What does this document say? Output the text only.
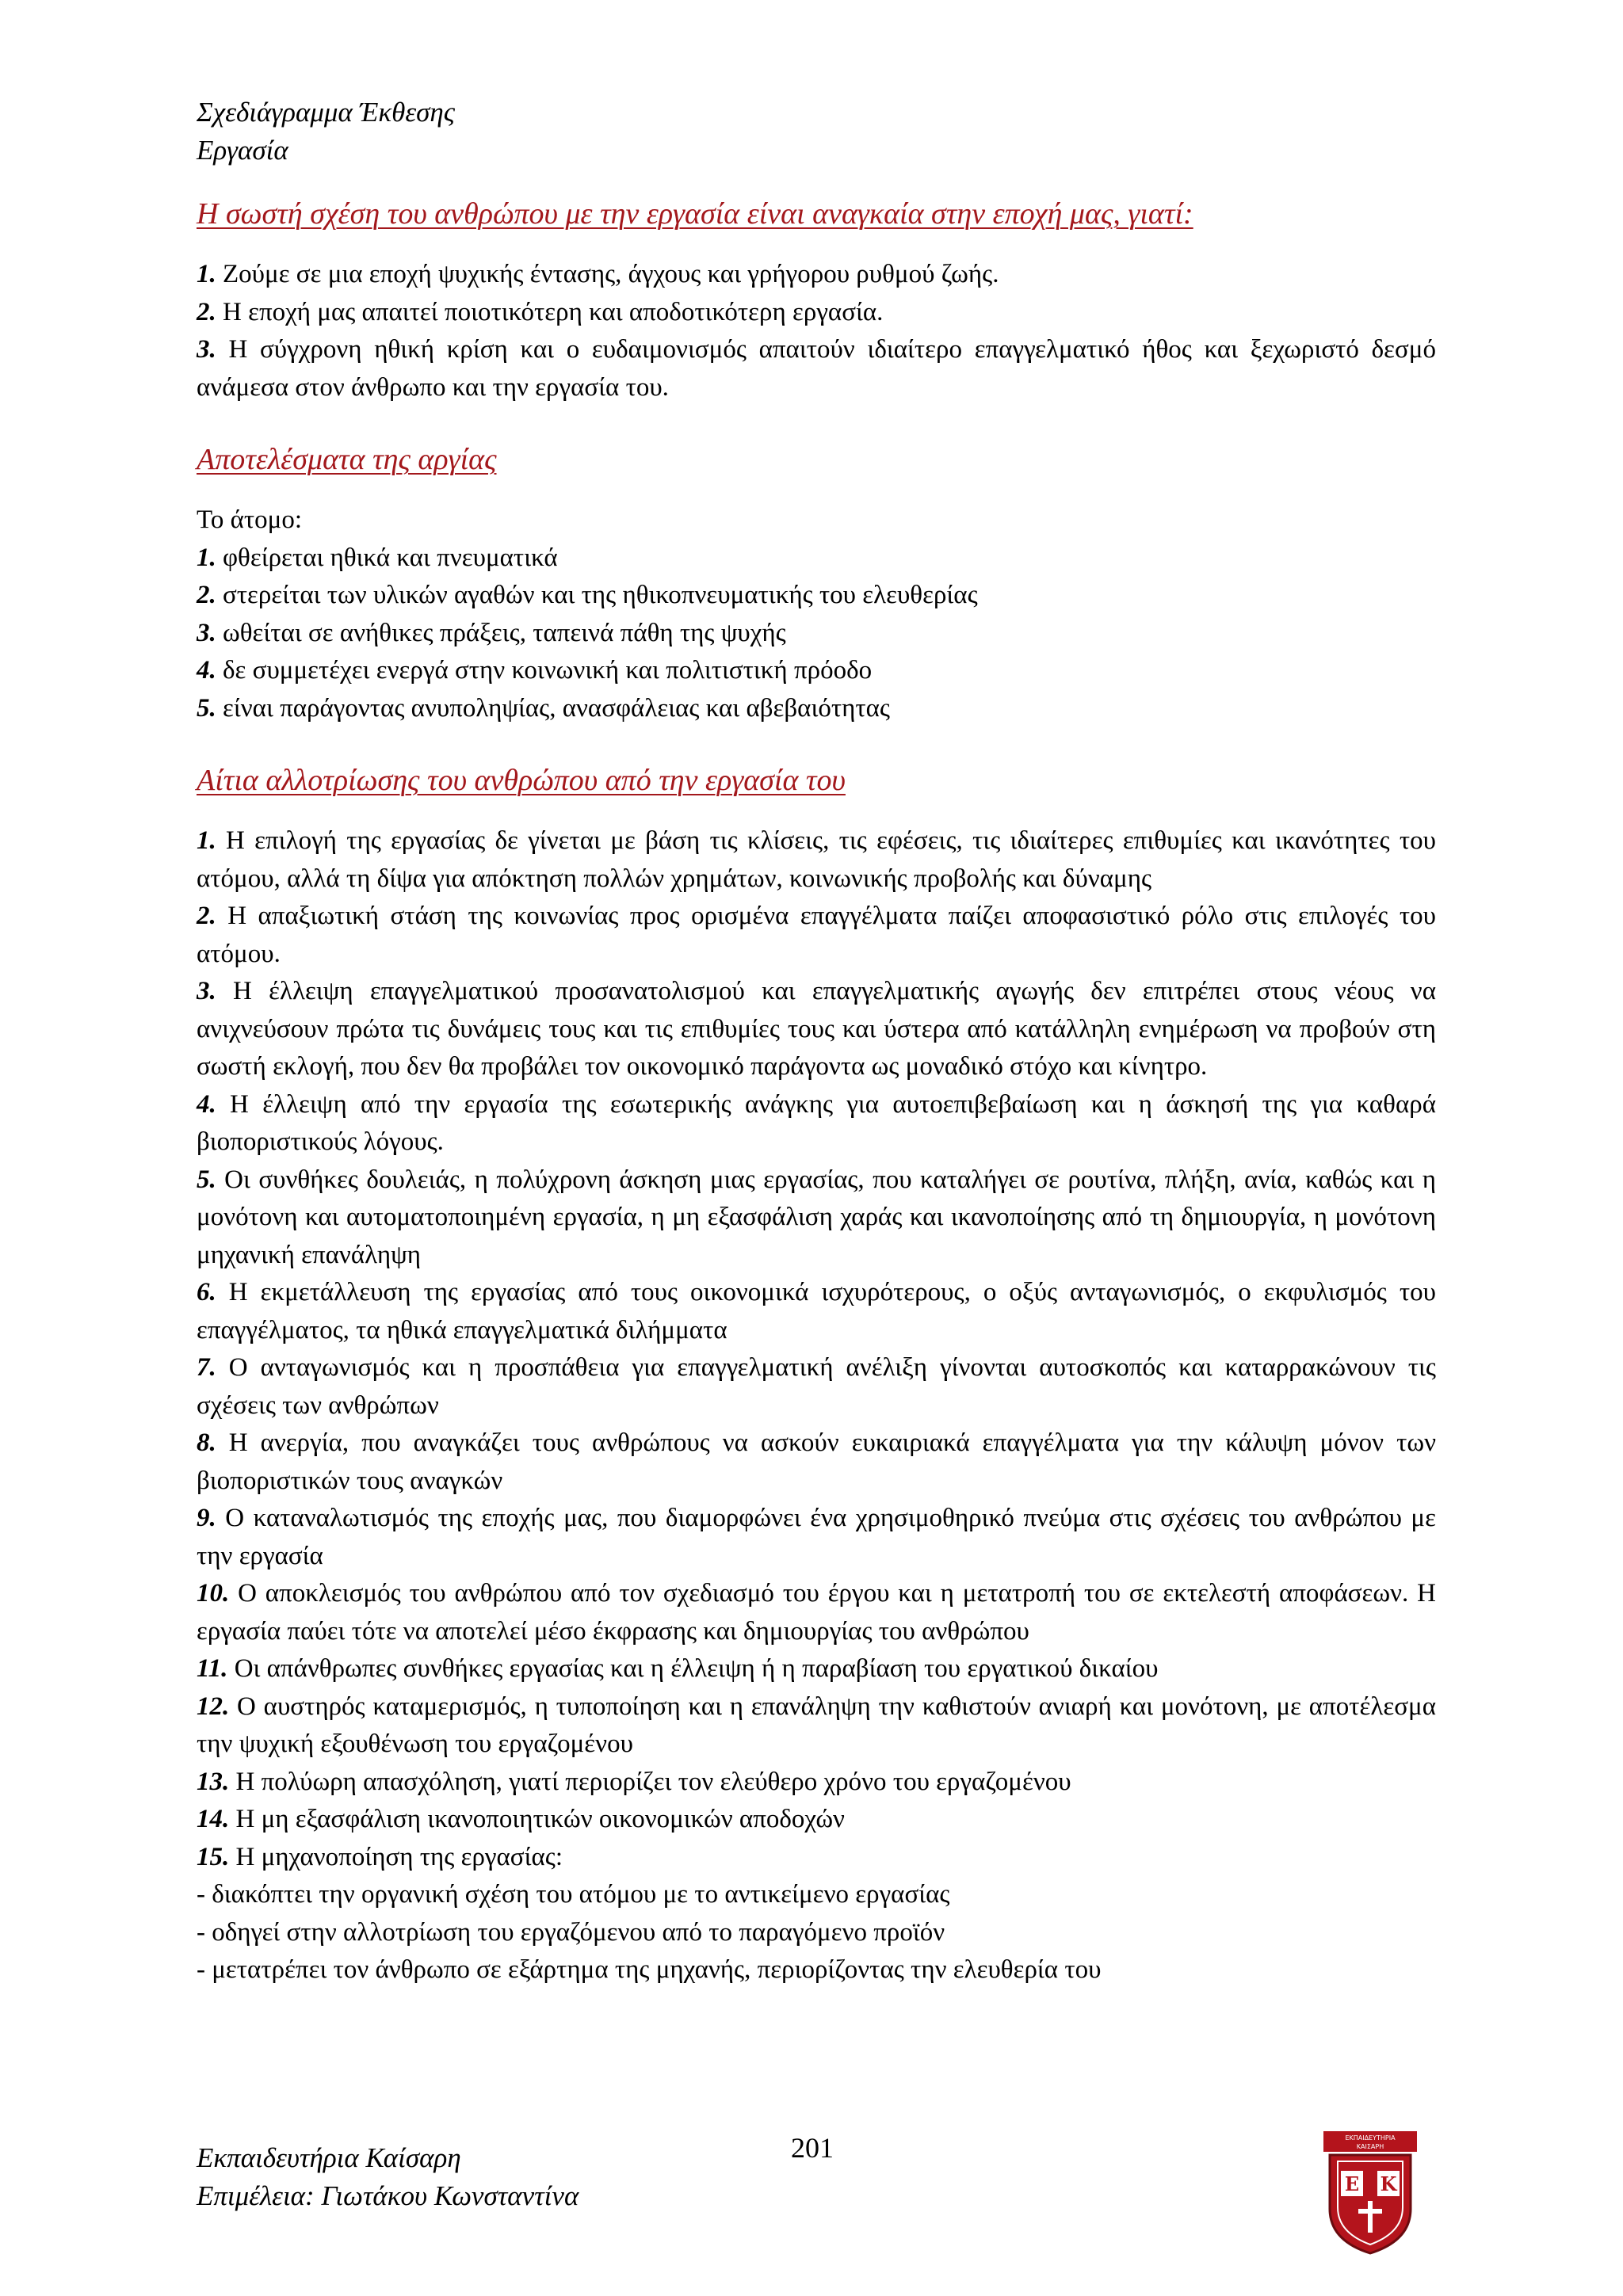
Σχεδιάγραμμα Έκθεσης
Εργασία
Η σωστή σχέση του ανθρώπου με την εργασία είναι αναγκαία στην εποχή μας, γιατί:

1. Ζούμε σε μια εποχή ψυχικής έντασης, άγχους και γρήγορου ρυθμού ζωής.

2. Η εποχή μας απαιτεί ποιοτικότερη και αποδοτικότερη εργασία.

3. Η σύγχρονη ηθική κρίση και ο ευδαιμονισμός απαιτούν ιδιαίτερο επαγγελματικό ήθος και ξεχωριστό δεσμό ανάμεσα στον άνθρωπο και την εργασία του.

Αποτελέσματα της αργίας

Το άτομο:

1. φθείρεται ηθικά και πνευματικά

2. στερείται των υλικών αγαθών και της ηθικοπνευματικής του ελευθερίας

3. ωθείται σε ανήθικες πράξεις, ταπεινά πάθη της ψυχής

4. δε συμμετέχει ενεργά στην κοινωνική και πολιτιστική πρόοδο

5. είναι παράγοντας ανυποληψίας, ανασφάλειας και αβεβαιότητας

Αίτια αλλοτρίωσης του ανθρώπου από την εργασία του

1. Η επιλογή της εργασίας δε γίνεται με βάση τις κλίσεις, τις εφέσεις, τις ιδιαίτερες επιθυμίες και ικανότητες του ατόμου, αλλά τη δίψα για απόκτηση πολλών χρημάτων, κοινωνικής προβολής και δύναμης

2. Η απαξιωτική στάση της κοινωνίας προς ορισμένα επαγγέλματα παίζει αποφασιστικό ρόλο στις επιλογές του ατόμου.

3. Η έλλειψη επαγγελματικού προσανατολισμού και επαγγελματικής αγωγής δεν επιτρέπει στους νέους να ανιχνεύσουν πρώτα τις δυνάμεις τους και τις επιθυμίες τους και ύστερα από κατάλληλη ενημέρωση να προβούν στη σωστή εκλογή, που δεν θα προβάλει τον οικονομικό παράγοντα ως μοναδικό στόχο και κίνητρο.

4. Η έλλειψη από την εργασία της εσωτερικής ανάγκης για αυτοεπιβεβαίωση και η άσκησή της για καθαρά βιοποριστικούς λόγους.

5. Οι συνθήκες δουλειάς, η πολύχρονη άσκηση μιας εργασίας, που καταλήγει σε ρουτίνα, πλήξη, ανία, καθώς και η μονότονη και αυτοματοποιημένη εργασία, η μη εξασφάλιση χαράς και ικανοποίησης από τη δημιουργία, η μονότονη μηχανική επανάληψη

6. Η εκμετάλλευση της εργασίας από τους οικονομικά ισχυρότερους, ο οξύς ανταγωνισμός, ο εκφυλισμός του επαγγέλματος, τα ηθικά επαγγελματικά διλήμματα

7. Ο ανταγωνισμός και η προσπάθεια για επαγγελματική ανέλιξη γίνονται αυτοσκοπός και καταρρακώνουν τις σχέσεις των ανθρώπων

8. Η ανεργία, που αναγκάζει τους ανθρώπους να ασκούν ευκαιριακά επαγγέλματα για την κάλυψη μόνον των βιοποριστικών τους αναγκών

9. Ο καταναλωτισμός της εποχής μας, που διαμορφώνει ένα χρησιμοθηρικό πνεύμα στις σχέσεις του ανθρώπου με την εργασία

10. Ο αποκλεισμός του ανθρώπου από τον σχεδιασμό του έργου και η μετατροπή του σε εκτελεστή αποφάσεων. Η εργασία παύει τότε να αποτελεί μέσο έκφρασης και δημιουργίας του ανθρώπου

11. Οι απάνθρωπες συνθήκες εργασίας και η έλλειψη ή η παραβίαση του εργατικού δικαίου

12. Ο αυστηρός καταμερισμός, η τυποποίηση και η επανάληψη την καθιστούν ανιαρή και μονότονη, με αποτέλεσμα την ψυχική εξουθένωση του εργαζομένου

13. Η πολύωρη απασχόληση, γιατί περιορίζει τον ελεύθερο χρόνο του εργαζομένου

14. Η μη εξασφάλιση ικανοποιητικών οικονομικών αποδοχών

15. Η μηχανοποίηση της εργασίας:

- διακόπτει την οργανική σχέση του ατόμου με το αντικείμενο εργασίας

- οδηγεί στην αλλοτρίωση του εργαζόμενου από το παραγόμενο προϊόν

- μετατρέπει τον άνθρωπο σε εξάρτημα της μηχανής, περιορίζοντας την ελευθερία του

Εκπαιδευτήρια Καίσαρη
Επιμέλεια: Γιωτάκου Κωνσταντίνα
201	ΕΚΠΑΙΔΕΥΤΗΡΙΑ
ΚΑΙΣΑΡΗ
Ε Κ
